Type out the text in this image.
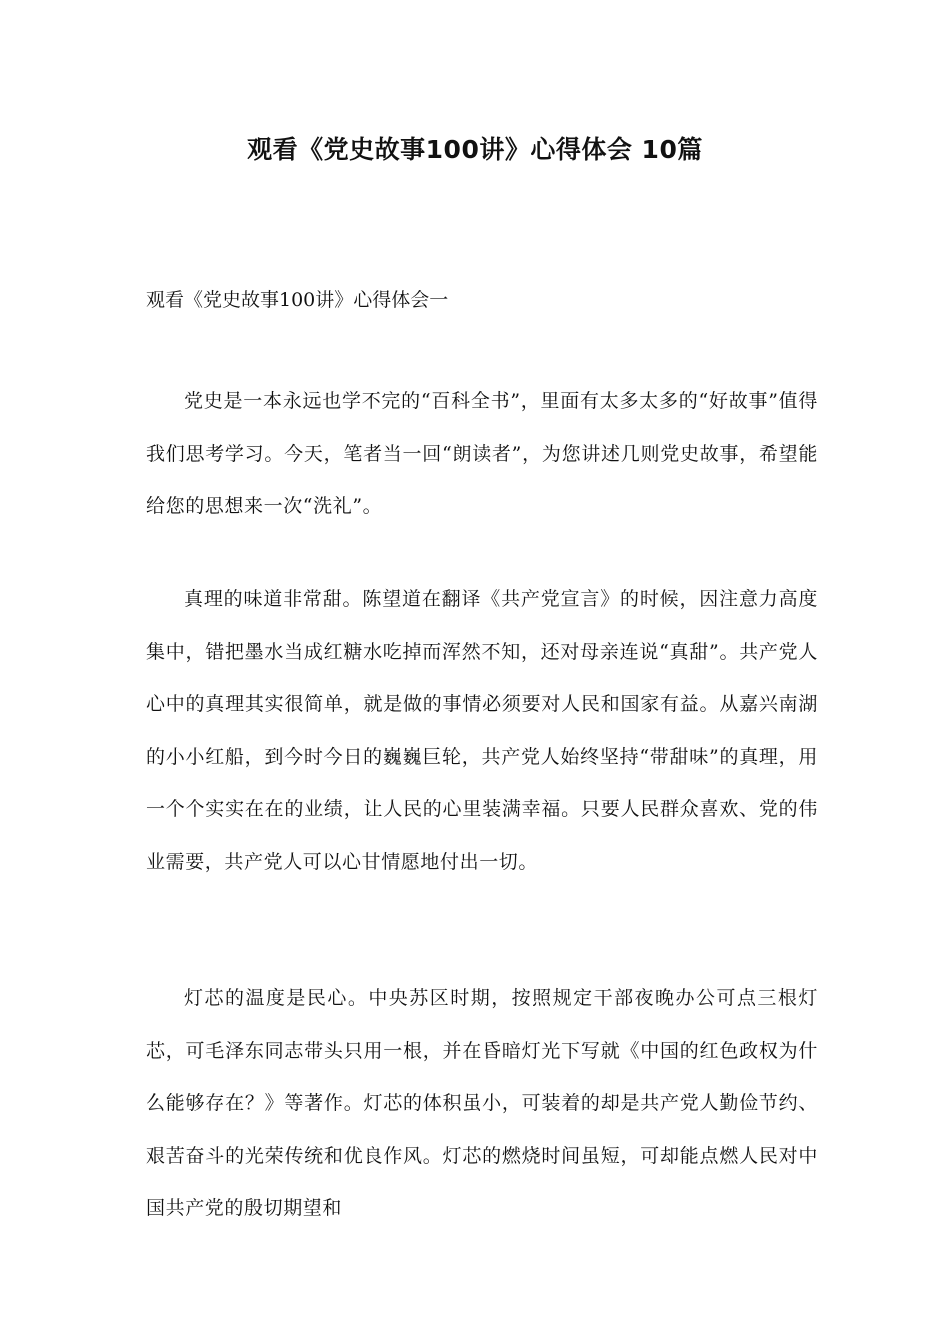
观看《党史故事100讲》心得体会 10篇

观看《党史故事100讲》心得体会一

党史是一本永远也学不完的“百科全书”，里面有太多太多的“好故事”值得我们思考学习。今天，笔者当一回“朗读者”，为您讲述几则党史故事，希望能给您的思想来一次“洗礼”。

真理的味道非常甜。陈望道在翻译《共产党宣言》的时候，因注意力高度集中，错把墨水当成红糖水吃掉而浑然不知，还对母亲连说“真甜”。共产党人心中的真理其实很简单，就是做的事情必须要对人民和国家有益。从嘉兴南湖的小小红船，到今时今日的巍巍巨轮，共产党人始终坚持“带甜味”的真理，用一个个实实在在的业绩，让人民的心里装满幸福。只要人民群众喜欢、党的伟业需要，共产党人可以心甘情愿地付出一切。

灯芯的温度是民心。中央苏区时期，按照规定干部夜晚办公可点三根灯芯，可毛泽东同志带头只用一根，并在昏暗灯光下写就《中国的红色政权为什么能够存在？》等著作。灯芯的体积虽小，可装着的却是共产党人勤俭节约、艰苦奋斗的光荣传统和优良作风。灯芯的燃烧时间虽短，可却能点燃人民对中国共产党的殷切期望和
